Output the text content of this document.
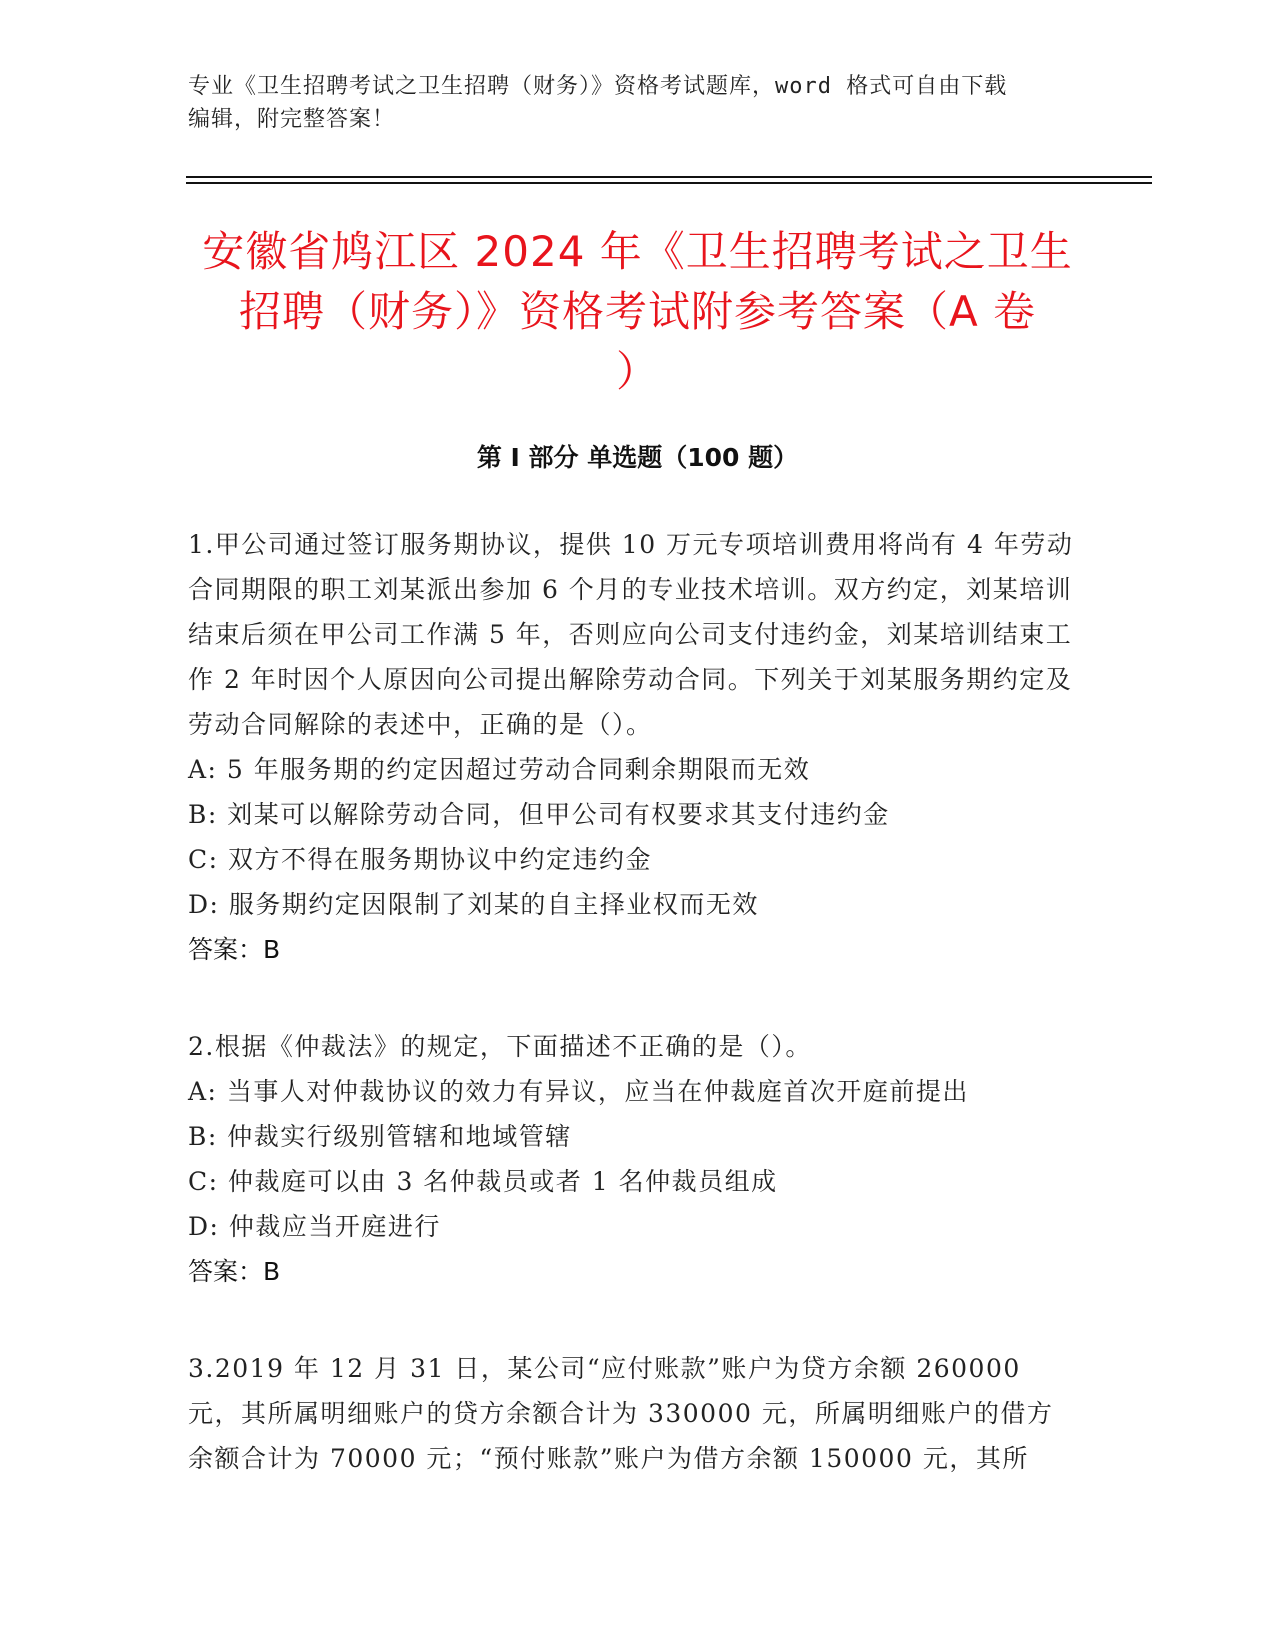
专业《卫生招聘考试之卫生招聘（财务）》资格考试题库，word 格式可自由下载
编辑，附完整答案！
安徽省鸠江区 2024 年《卫生招聘考试之卫生
招聘（财务）》资格考试附参考答案（A 卷
）
第 I 部分 单选题（100 题）

1.甲公司通过签订服务期协议，提供 10 万元专项培训费用将尚有 4 年劳动合同期限的职工刘某派出参加 6 个月的专业技术培训。双方约定，刘某培训结束后须在甲公司工作满 5 年，否则应向公司支付违约金，刘某培训结束工作 2 年时因个人原因向公司提出解除劳动合同。下列关于刘某服务期约定及劳动合同解除的表述中，正确的是（）。

A: 5 年服务期的约定因超过劳动合同剩余期限而无效

B: 刘某可以解除劳动合同，但甲公司有权要求其支付违约金

C: 双方不得在服务期协议中约定违约金

D: 服务期约定因限制了刘某的自主择业权而无效

答案：B

2.根据《仲裁法》的规定，下面描述不正确的是（）。

A: 当事人对仲裁协议的效力有异议，应当在仲裁庭首次开庭前提出

B: 仲裁实行级别管辖和地域管辖

C: 仲裁庭可以由 3 名仲裁员或者 1 名仲裁员组成

D: 仲裁应当开庭进行

答案：B

3.2019 年 12 月 31 日，某公司“应付账款”账户为贷方余额 260000 元，其所属明细账户的贷方余额合计为 330000 元，所属明细账户的借方余额合计为 70000 元；“预付账款”账户为借方余额 150000 元，其所
